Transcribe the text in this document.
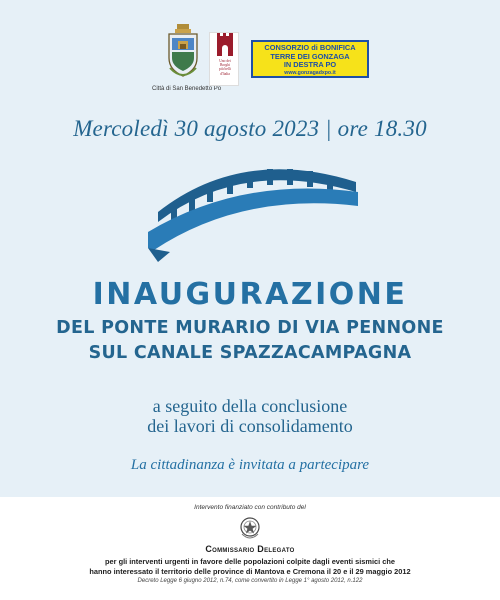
Città di San Benedetto Po
Uno dei
Borghi
più belli
d'Italia
CONSORZIO di BONIFICA
TERRE DEI GONZAGA
IN DESTRA PO
www.gonzagadxpo.it
Mercoledì 30 agosto 2023 | ore 18.30
INAUGURAZIONE
DEL PONTE MURARIO DI VIA PENNONE
SUL CANALE SPAZZACAMPAGNA
a seguito della conclusione
dei lavori di consolidamento
La cittadinanza è invitata a partecipare
Intervento finanziato con contributo del
Commissario Delegato
per gli interventi urgenti in favore delle popolazioni colpite dagli eventi sismici che
hanno interessato il territorio delle province di Mantova e Cremona il 20 e il 29 maggio 2012
Decreto Legge 6 giugno 2012, n.74, come convertito in Legge 1° agosto 2012, n.122
